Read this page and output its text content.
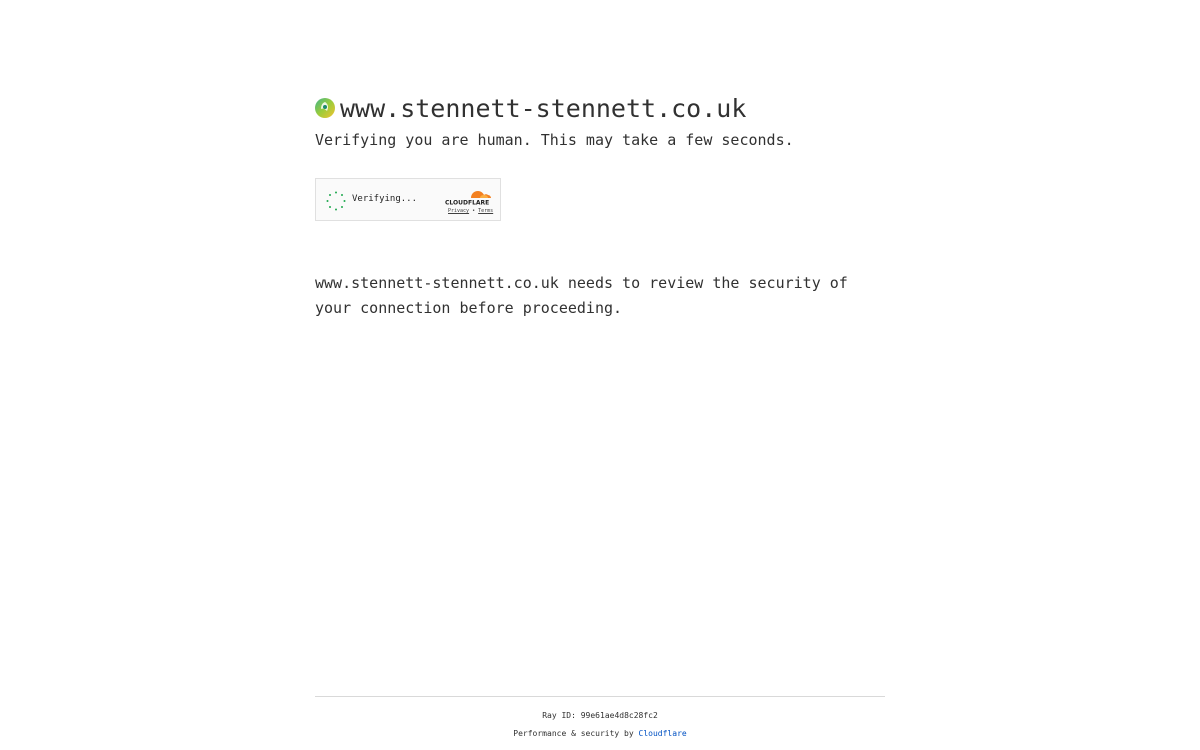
www.stennett-stennett.co.uk
Verifying you are human. This may take a few seconds.
Verifying...	CLOUDFLARE
Privacy • Terms
www.stennett-stennett.co.uk needs to review the security of your connection before proceeding.
Ray ID: 99e61ae4d8c28fc2
Performance & security by Cloudflare
